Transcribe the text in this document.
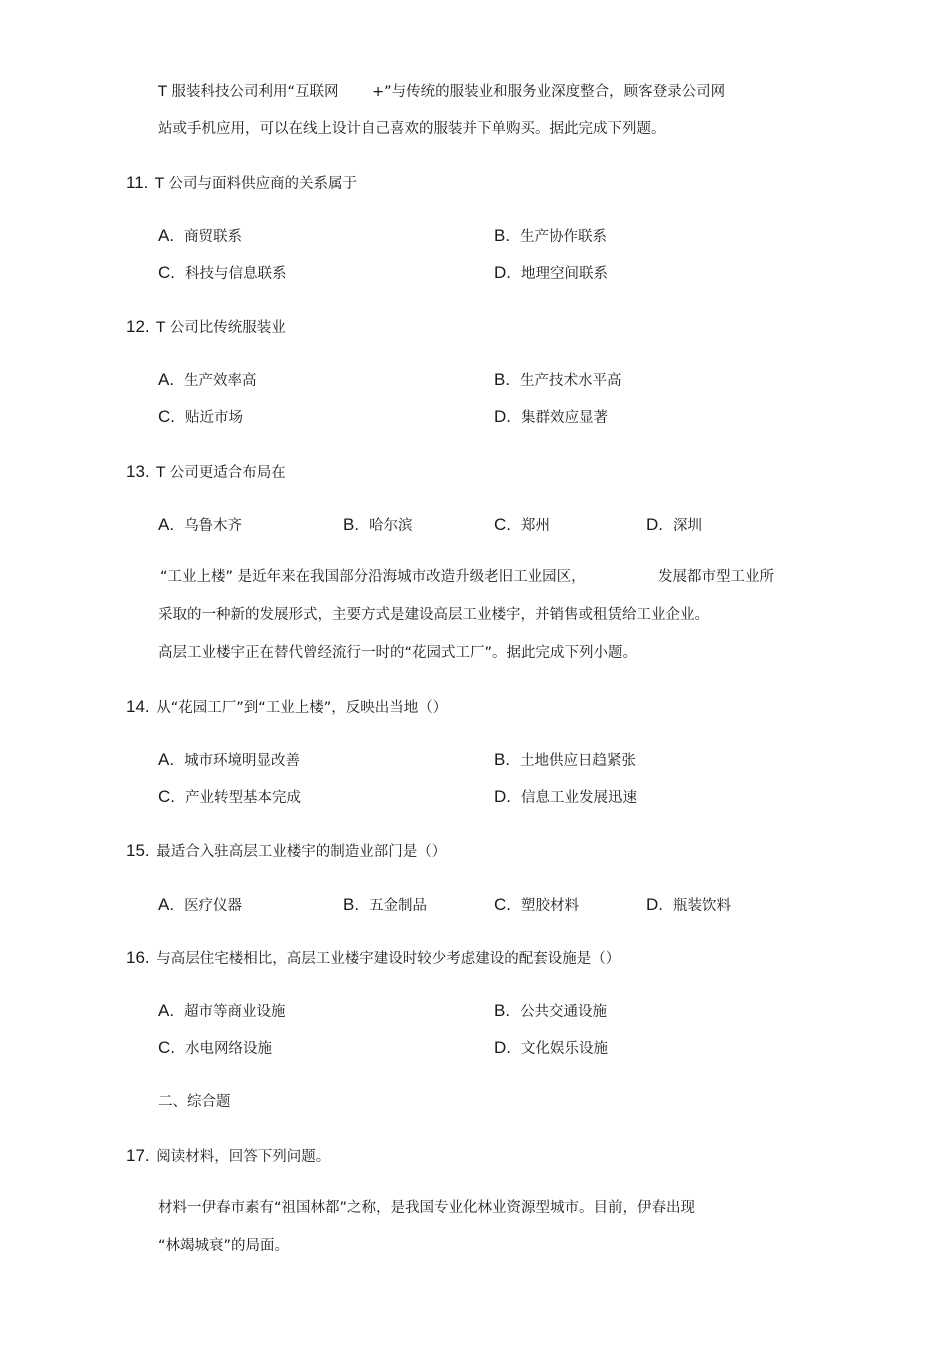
T 服装科技公司利用“互联网 +”与传统的服装业和服务业深度整合，顾客登录公司网
站或手机应用，可以在线上设计自己喜欢的服装并下单购买。据此完成下列题。
11. T 公司与面料供应商的关系属于
A. 商贸联系	B. 生产协作联系
C. 科技与信息联系	D. 地理空间联系
12. T 公司比传统服装业
A. 生产效率高	B. 生产技术水平高
C. 贴近市场	D. 集群效应显著
13. T 公司更适合布局在
A. 乌鲁木齐	B. 哈尔滨	C. 郑州	D. 深圳
“工业上楼” 是近年来在我国部分沿海城市改造升级老旧工业园区，	发展都市型工业所
采取的一种新的发展形式，主要方式是建设高层工业楼宇，并销售或租赁给工业企业。
高层工业楼宇正在替代曾经流行一时的“花园式工厂”。据此完成下列小题。
14. 从“花园工厂”到“工业上楼”，反映出当地（）
A. 城市环境明显改善	B. 土地供应日趋紧张
C. 产业转型基本完成	D. 信息工业发展迅速
15. 最适合入驻高层工业楼宇的制造业部门是（）
A. 医疗仪器	B. 五金制品	C. 塑胶材料	D. 瓶装饮料
16. 与高层住宅楼相比，高层工业楼宇建设时较少考虑建设的配套设施是（）
A. 超市等商业设施	B. 公共交通设施
C. 水电网络设施	D. 文化娱乐设施
二、综合题
17. 阅读材料，回答下列问题。
材料一伊春市素有“祖国林都”之称，是我国专业化林业资源型城市。目前，伊春出现
“林竭城衰”的局面。
